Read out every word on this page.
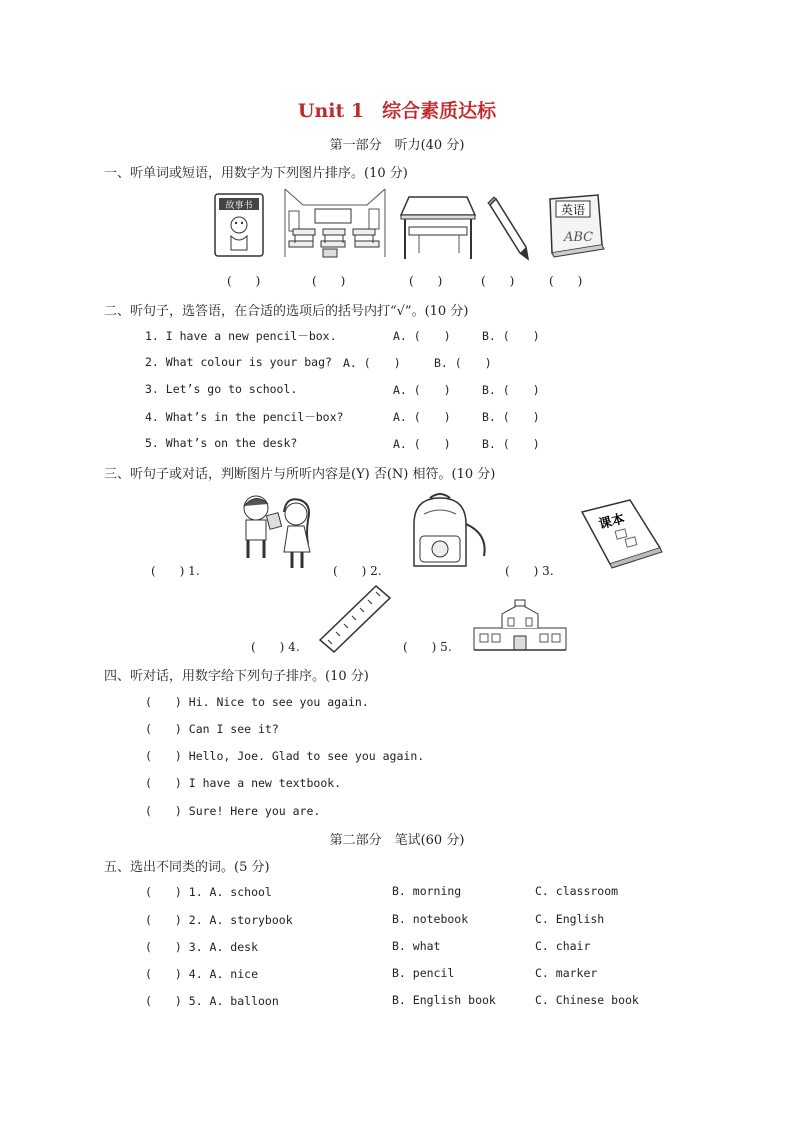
Unit 1 综合素质达标
第一部分　听力(40 分)
一、听单词或短语，用数字为下列图片排序。(10 分)
故事书	英语
ABC
(　　)	(　　)	(　　)	(　　)	(　　)
二、听句子，选答语，在合适的选项后的括号内打“√”。(10 分)
1. I have a new pencil－box.	A. (　　)	B. (　　)
2. What colour is your bag? A. (　　)	B. (　　)
3. Let’s go to school.	A. (　　)	B. (　　)
4. What’s in the pencil－box?	A. (　　)	B. (　　)
5. What’s on the desk?	A. (　　)	B. (　　)
三、听句子或对话，判断图片与所听内容是(Y) 否(N) 相符。(10 分)
课本
(　　) 1.	(　　) 2.	(　　) 3.
(　　) 4.	(　　) 5.
四、听对话，用数字给下列句子排序。(10 分)
(　　) Hi. Nice to see you again.
(　　) Can I see it?
(　　) Hello, Joe. Glad to see you again.
(　　) I have a new textbook.
(　　) Sure! Here you are.
第二部分　笔试(60 分)
五、选出不同类的词。(5 分)
(　　) 1. A. school	B. morning	C. classroom
(　　) 2. A. storybook	B. notebook	C. English
(　　) 3. A. desk	B. what	C. chair
(　　) 4. A. nice	B. pencil	C. marker
(　　) 5. A. balloon	B. English book	C. Chinese book
